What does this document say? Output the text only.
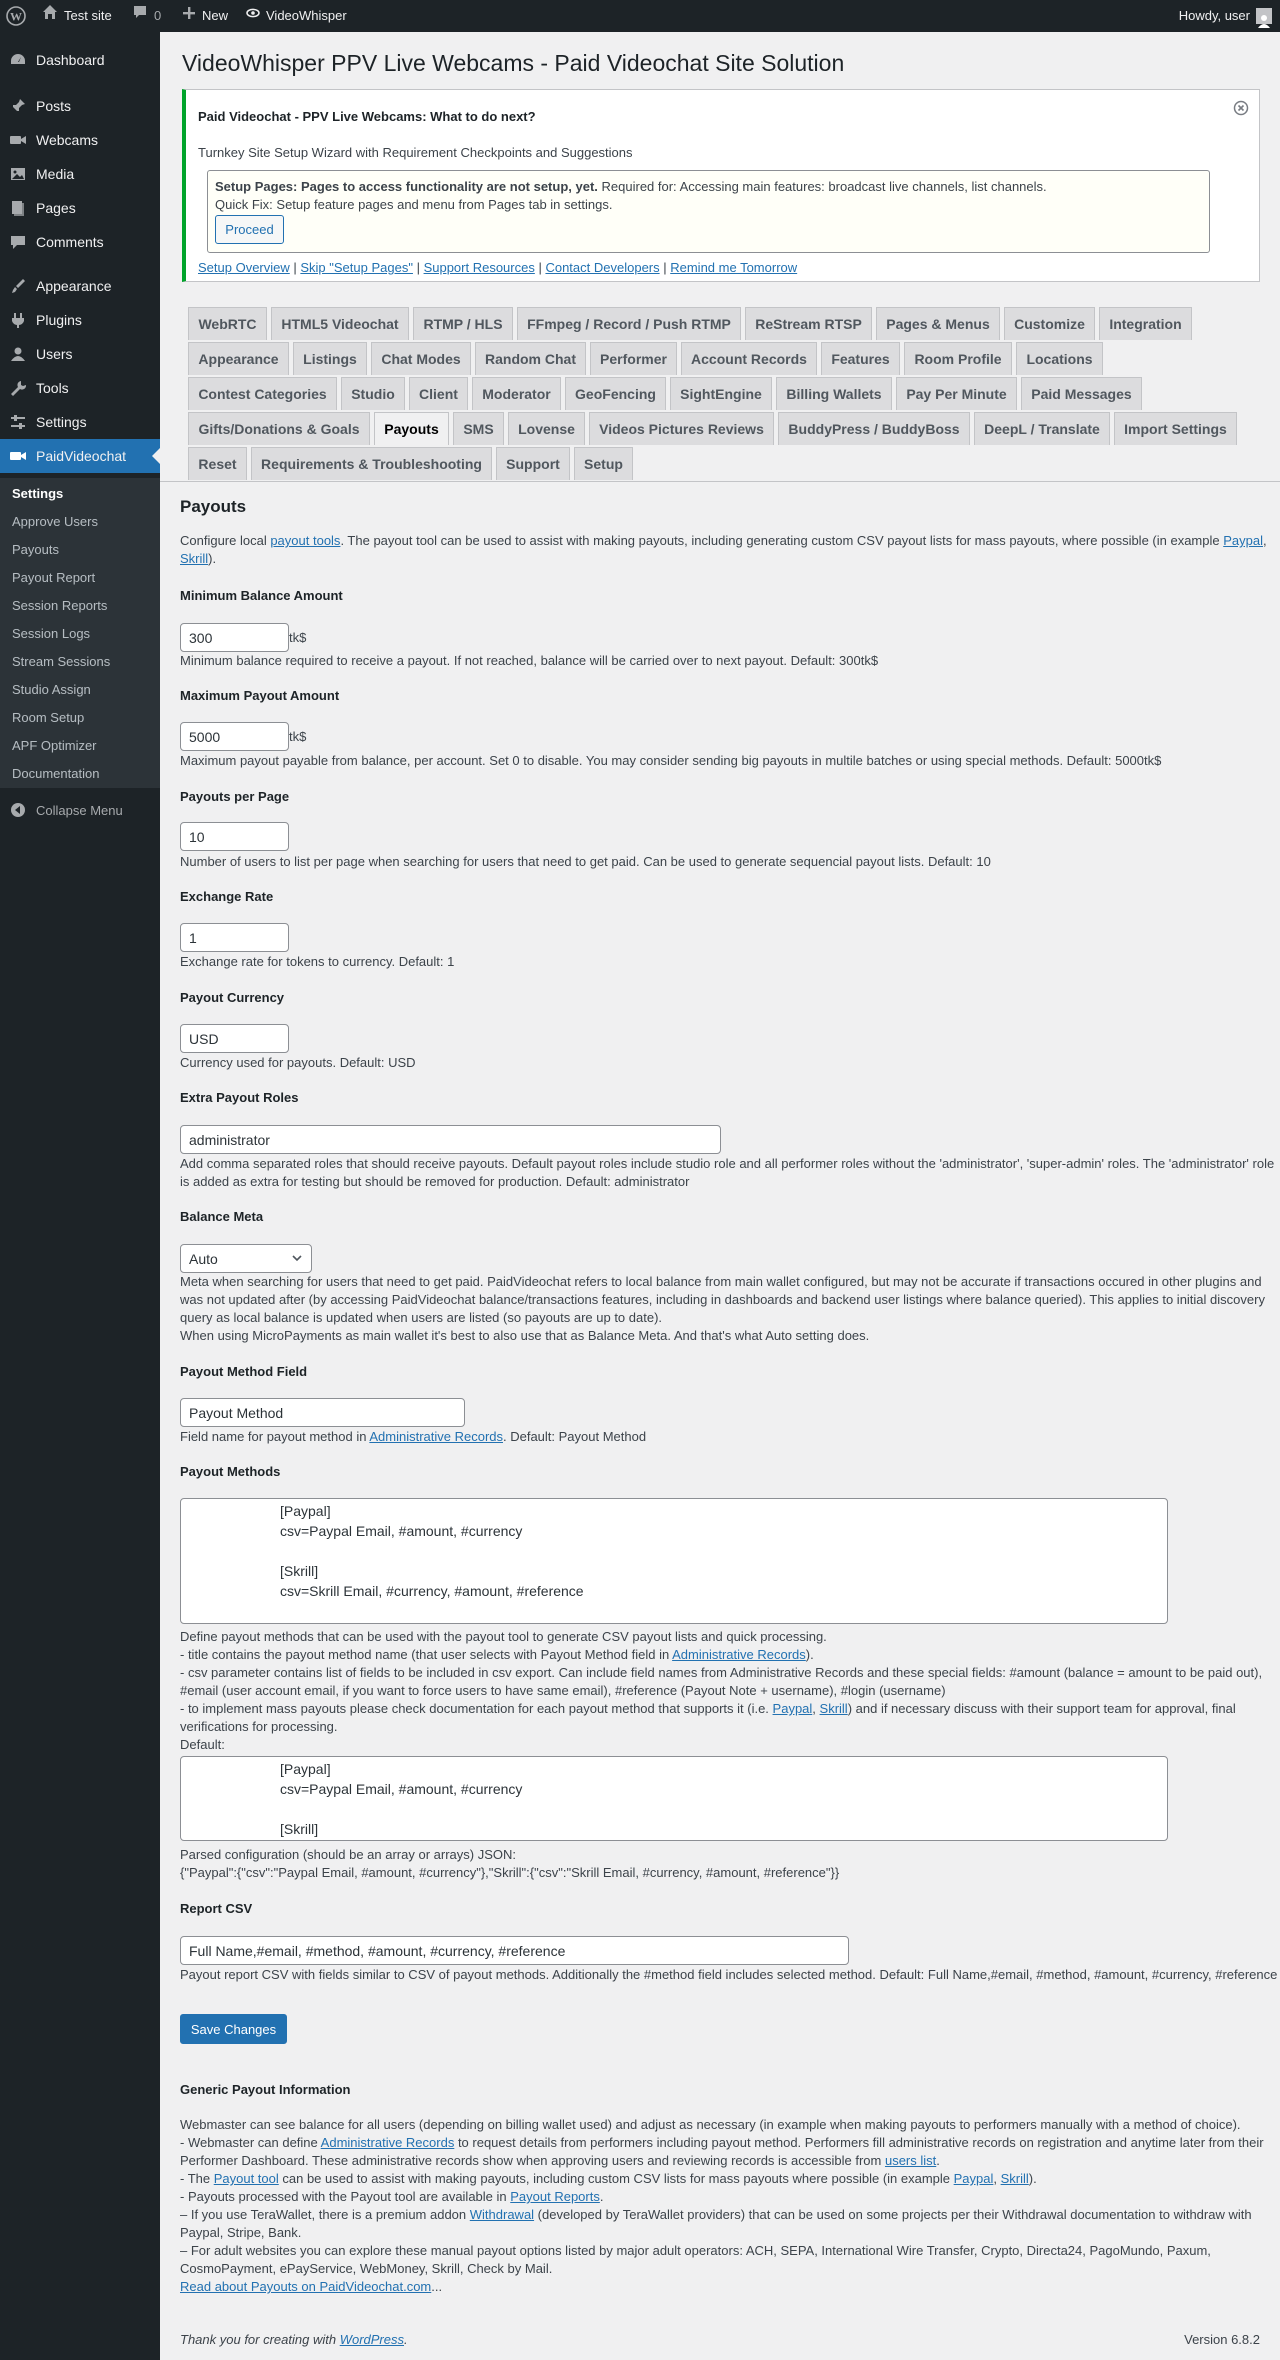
W	Test site	0	New	VideoWhisper	Howdy, user
Dashboard
Posts
Webcams
Media
Pages
Comments
Appearance
Plugins
Users
Tools
Settings
PaidVideochat
Settings
Approve Users
Payouts
Payout Report
Session Reports
Session Logs
Stream Sessions
Studio Assign
Room Setup
APF Optimizer
Documentation
Collapse Menu
VideoWhisper PPV Live Webcams - Paid Videochat Site Solution
Paid Videochat - PPV Live Webcams: What to do next?
Turnkey Site Setup Wizard with Requirement Checkpoints and Suggestions
Setup Pages: Pages to access functionality are not setup, yet. Required for: Accessing main features: broadcast live channels, list channels.
Quick Fix: Setup feature pages and menu from Pages tab in settings.
Proceed
Setup Overview | Skip "Setup Pages" | Support Resources | Contact Developers | Remind me Tomorrow
Payouts
Configure local payout tools. The payout tool can be used to assist with making payouts, including generating custom CSV payout lists for mass payouts, where possible (in example Paypal,
Skrill).
Minimum Balance Amount
300
tk$
Minimum balance required to receive a payout. If not reached, balance will be carried over to next payout. Default: 300tk$
Maximum Payout Amount
5000
tk$
Maximum payout payable from balance, per account. Set 0 to disable. You may consider sending big payouts in multile batches or using special methods. Default: 5000tk$
Payouts per Page
10
Number of users to list per page when searching for users that need to get paid. Can be used to generate sequencial payout lists. Default: 10
Exchange Rate
1
Exchange rate for tokens to currency. Default: 1
Payout Currency
USD
Currency used for payouts. Default: USD
Extra Payout Roles
administrator
Add comma separated roles that should receive payouts. Default payout roles include studio role and all performer roles without the 'administrator', 'super-admin' roles. The 'administrator' role
is added as extra for testing but should be removed for production. Default: administrator
Balance Meta
Auto
Meta when searching for users that need to get paid. PaidVideochat refers to local balance from main wallet configured, but may not be accurate if transactions occured in other plugins and
was not updated after (by accessing PaidVideochat balance/transactions features, including in dashboards and backend user listings where balance queried). This applies to initial discovery
query as local balance is updated when users are listed (so payouts are up to date).
When using MicroPayments as main wallet it's best to also use that as Balance Meta. And that's what Auto setting does.
Payout Method Field
Payout Method
Field name for payout method in Administrative Records. Default: Payout Method
Payout Methods
[Paypal]
csv=Paypal Email, #amount, #currency
[Skrill]
csv=Skrill Email, #currency, #amount, #reference
Define payout methods that can be used with the payout tool to generate CSV payout lists and quick processing.
- title contains the payout method name (that user selects with Payout Method field in Administrative Records).
- csv parameter contains list of fields to be included in csv export. Can include field names from Administrative Records and these special fields: #amount (balance = amount to be paid out),
#email (user account email, if you want to force users to have same email), #reference (Payout Note + username), #login (username)
- to implement mass payouts please check documentation for each payout method that supports it (i.e. Paypal, Skrill) and if necessary discuss with their support team for approval, final
verifications for processing.
Default:
[Paypal]
csv=Paypal Email, #amount, #currency
[Skrill]
Parsed configuration (should be an array or arrays) JSON:
{"Paypal":{"csv":"Paypal Email, #amount, #currency"},"Skrill":{"csv":"Skrill Email, #currency, #amount, #reference"}}
Report CSV
Full Name,#email, #method, #amount, #currency, #reference
Payout report CSV with fields similar to CSV of payout methods. Additionally the #method field includes selected method. Default: Full Name,#email, #method, #amount, #currency, #reference
Save Changes
Generic Payout Information
Webmaster can see balance for all users (depending on billing wallet used) and adjust as necessary (in example when making payouts to performers manually with a method of choice).
- Webmaster can define Administrative Records to request details from performers including payout method. Performers fill administrative records on registration and anytime later from their
Performer Dashboard. These administrative records show when approving users and reviewing records is accessible from users list.
- The Payout tool can be used to assist with making payouts, including custom CSV lists for mass payouts where possible (in example Paypal, Skrill).
- Payouts processed with the Payout tool are available in Payout Reports.
– If you use TeraWallet, there is a premium addon Withdrawal (developed by TeraWallet providers) that can be used on some projects per their Withdrawal documentation to withdraw with
Paypal, Stripe, Bank.
– For adult websites you can explore these manual payout options listed by major adult operators: ACH, SEPA, International Wire Transfer, Crypto, Directa24, PagoMundo, Paxum,
CosmoPayment, ePayService, WebMoney, Skrill, Check by Mail.
Read about Payouts on PaidVideochat.com...
Thank you for creating with WordPress.	Version 6.8.2
WebRTC	HTML5 Videochat	RTMP / HLS	FFmpeg / Record / Push RTMP	ReStream RTSP	Pages & Menus	Customize	Integration
Appearance	Listings	Chat Modes	Random Chat	Performer	Account Records	Features	Room Profile	Locations
Contest Categories	Studio	Client	Moderator	GeoFencing	SightEngine	Billing Wallets	Pay Per Minute	Paid Messages
Gifts/Donations & Goals	Payouts	SMS	Lovense	Videos Pictures Reviews	BuddyPress / BuddyBoss	DeepL / Translate	Import Settings
Reset	Requirements & Troubleshooting	Support	Setup
